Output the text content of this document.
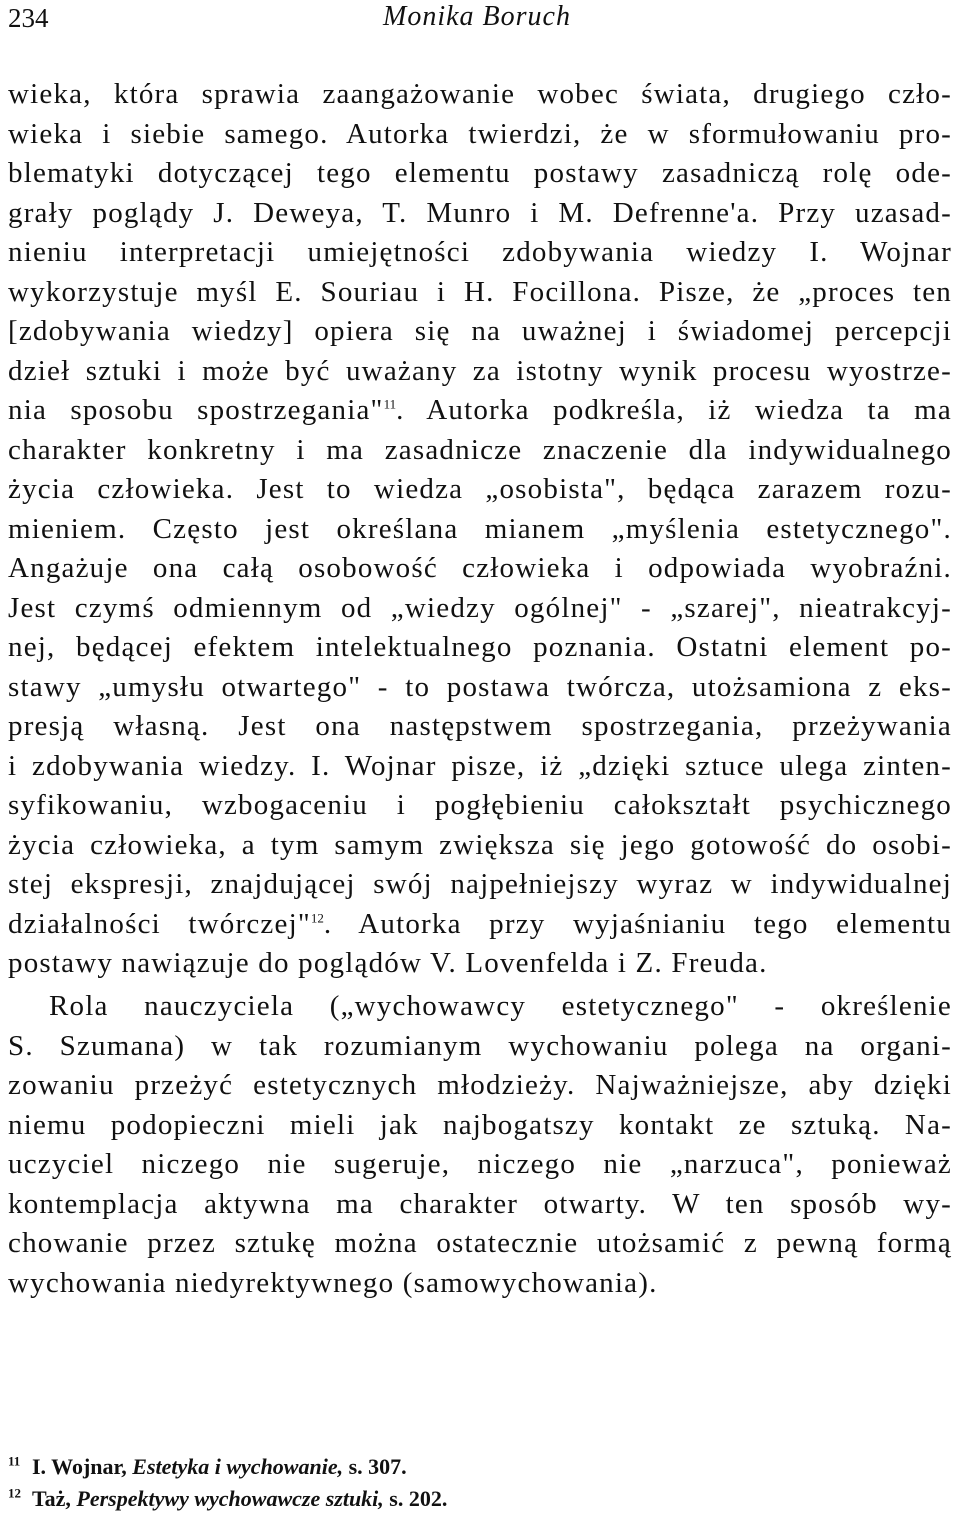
234	Monika Boruch
wieka, która sprawia zaangażowanie wobec świata, drugiego czło-
wieka i siebie samego. Autorka twierdzi, że w sformułowaniu pro-
blematyki dotyczącej tego elementu postawy zasadniczą rolę ode-
grały poglądy J. Deweya, T. Munro i M. Defrenne'a. Przy uzasad-
nieniu interpretacji umiejętności zdobywania wiedzy I. Wojnar
wykorzystuje myśl E. Souriau i H. Focillona. Pisze, że „proces ten
[zdobywania wiedzy] opiera się na uważnej i świadomej percepcji
dzieł sztuki i może być uważany za istotny wynik procesu wyostrze-
nia sposobu spostrzegania"$^{11}$. Autorka podkreśla, iż wiedza ta ma
charakter konkretny i ma zasadnicze znaczenie dla indywidualnego
życia człowieka. Jest to wiedza „osobista", będąca zarazem rozu-
mieniem. Często jest określana mianem „myślenia estetycznego".
Angażuje ona całą osobowość człowieka i odpowiada wyobraźni.
Jest czymś odmiennym od „wiedzy ogólnej" - „szarej", nieatrakcyj-
nej, będącej efektem intelektualnego poznania. Ostatni element po-
stawy „umysłu otwartego" - to postawa twórcza, utożsamiona z eks-
presją własną. Jest ona następstwem spostrzegania, przeżywania
i zdobywania wiedzy. I. Wojnar pisze, iż „dzięki sztuce ulega zinten-
syfikowaniu, wzbogaceniu i pogłębieniu całokształt psychicznego
życia człowieka, a tym samym zwiększa się jego gotowość do osobi-
stej ekspresji, znajdującej swój najpełniejszy wyraz w indywidualnej
działalności twórczej"$^{12}$. Autorka przy wyjaśnianiu tego elementu
postawy nawiązuje do poglądów V. Lovenfelda i Z. Freuda.
Rola nauczyciela („wychowawcy estetycznego" - określenie
S. Szumana) w tak rozumianym wychowaniu polega na organi-
zowaniu przeżyć estetycznych młodzieży. Najważniejsze, aby dzięki
niemu podopieczni mieli jak najbogatszy kontakt ze sztuką. Na-
uczyciel niczego nie sugeruje, niczego nie „narzuca", ponieważ
kontemplacja aktywna ma charakter otwarty. W ten sposób wy-
chowanie przez sztukę można ostatecznie utożsamić z pewną formą
wychowania niedyrektywnego (samowychowania).
$^{11}$ I. Wojnar, Estetyka i wychowanie, s. 307.
$^{12}$ Taż, Perspektywy wychowawcze sztuki, s. 202.
